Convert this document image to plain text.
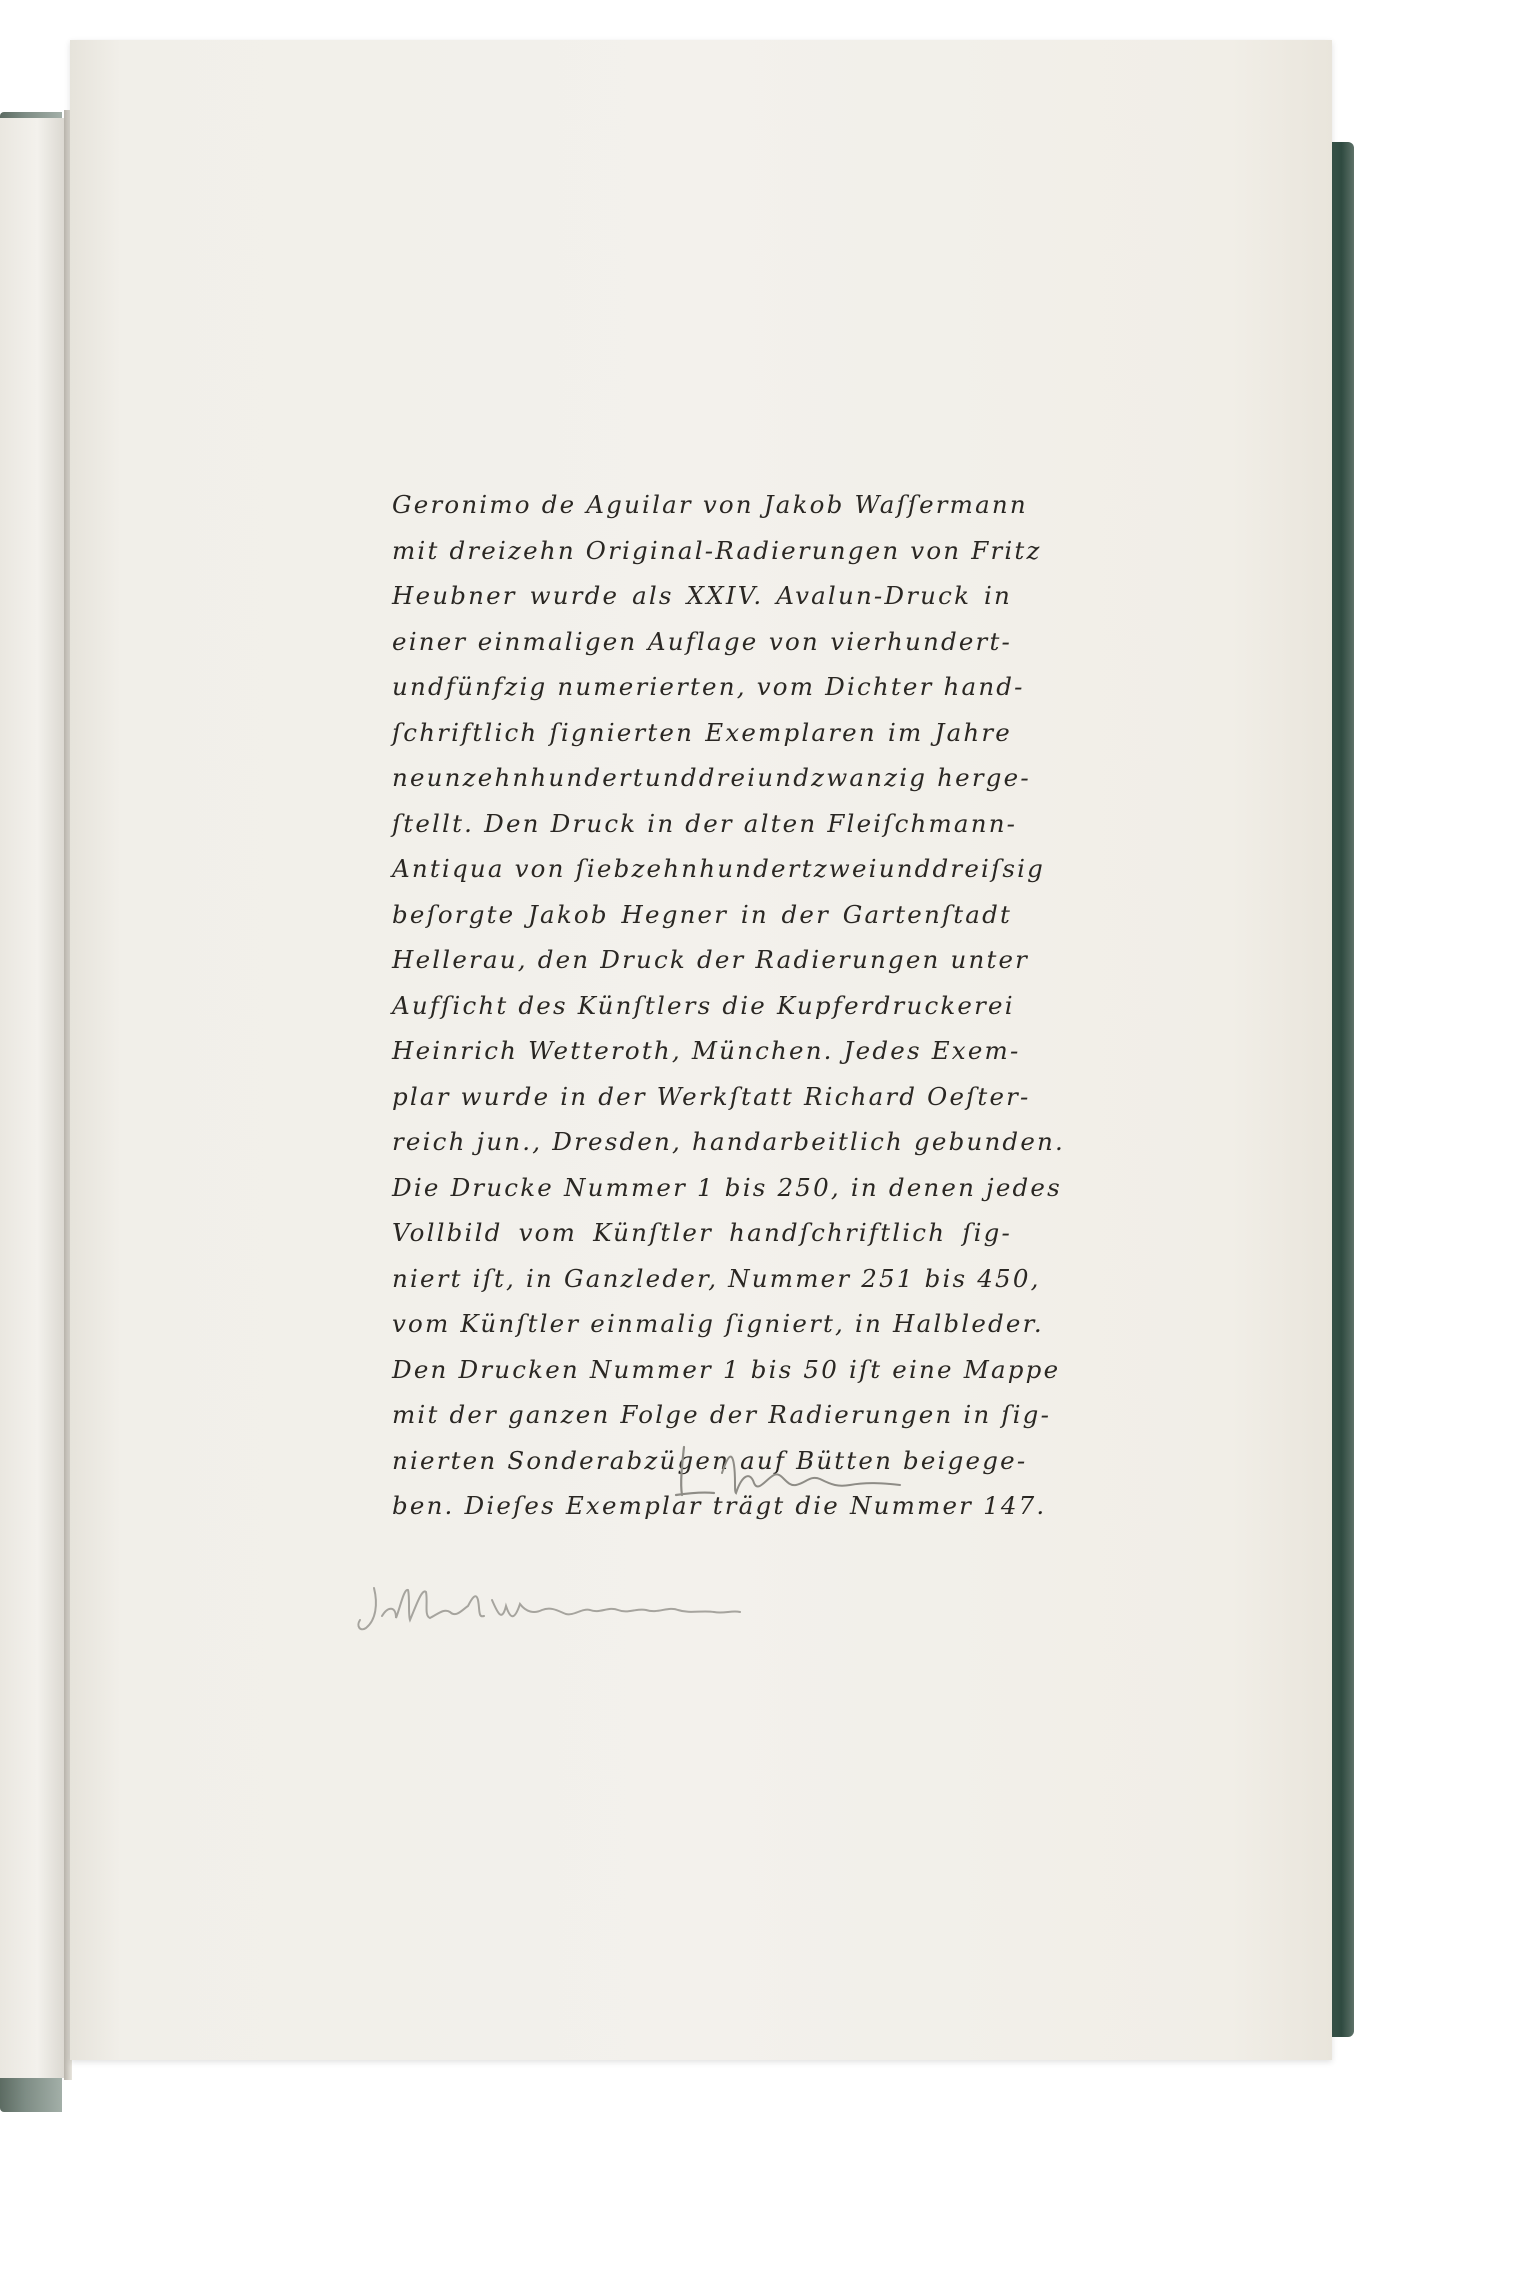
Geronimo de Aguilar von Jakob Waſſermann
mit dreizehn Original-Radierungen von Fritz
Heubner wurde als XXIV. Avalun-Druck in
einer einmaligen Auflage von vierhundert-
undfünfzig numerierten, vom Dichter hand-
ſchriftlich ſignierten Exemplaren im Jahre
neunzehnhundertunddreiundzwanzig herge-
ſtellt. Den Druck in der alten Fleiſchmann-
Antiqua von ſiebzehnhundertzweiunddreiſsig
beſorgte Jakob Hegner in der Gartenſtadt
Hellerau, den Druck der Radierungen unter
Aufſicht des Künſtlers die Kupferdruckerei
Heinrich Wetteroth, München. Jedes Exem-
plar wurde in der Werkſtatt Richard Oeſter-
reich jun., Dresden, handarbeitlich gebunden.
Die Drucke Nummer 1 bis 250, in denen jedes
Vollbild vom Künſtler handſchriftlich ſig-
niert iſt, in Ganzleder, Nummer 251 bis 450,
vom Künſtler einmalig ſigniert, in Halbleder.
Den Drucken Nummer 1 bis 50 iſt eine Mappe
mit der ganzen Folge der Radierungen in ſig-
nierten Sonderabzügen auf Bütten beigege-
ben. Dieſes Exemplar trägt die Nummer 147.
